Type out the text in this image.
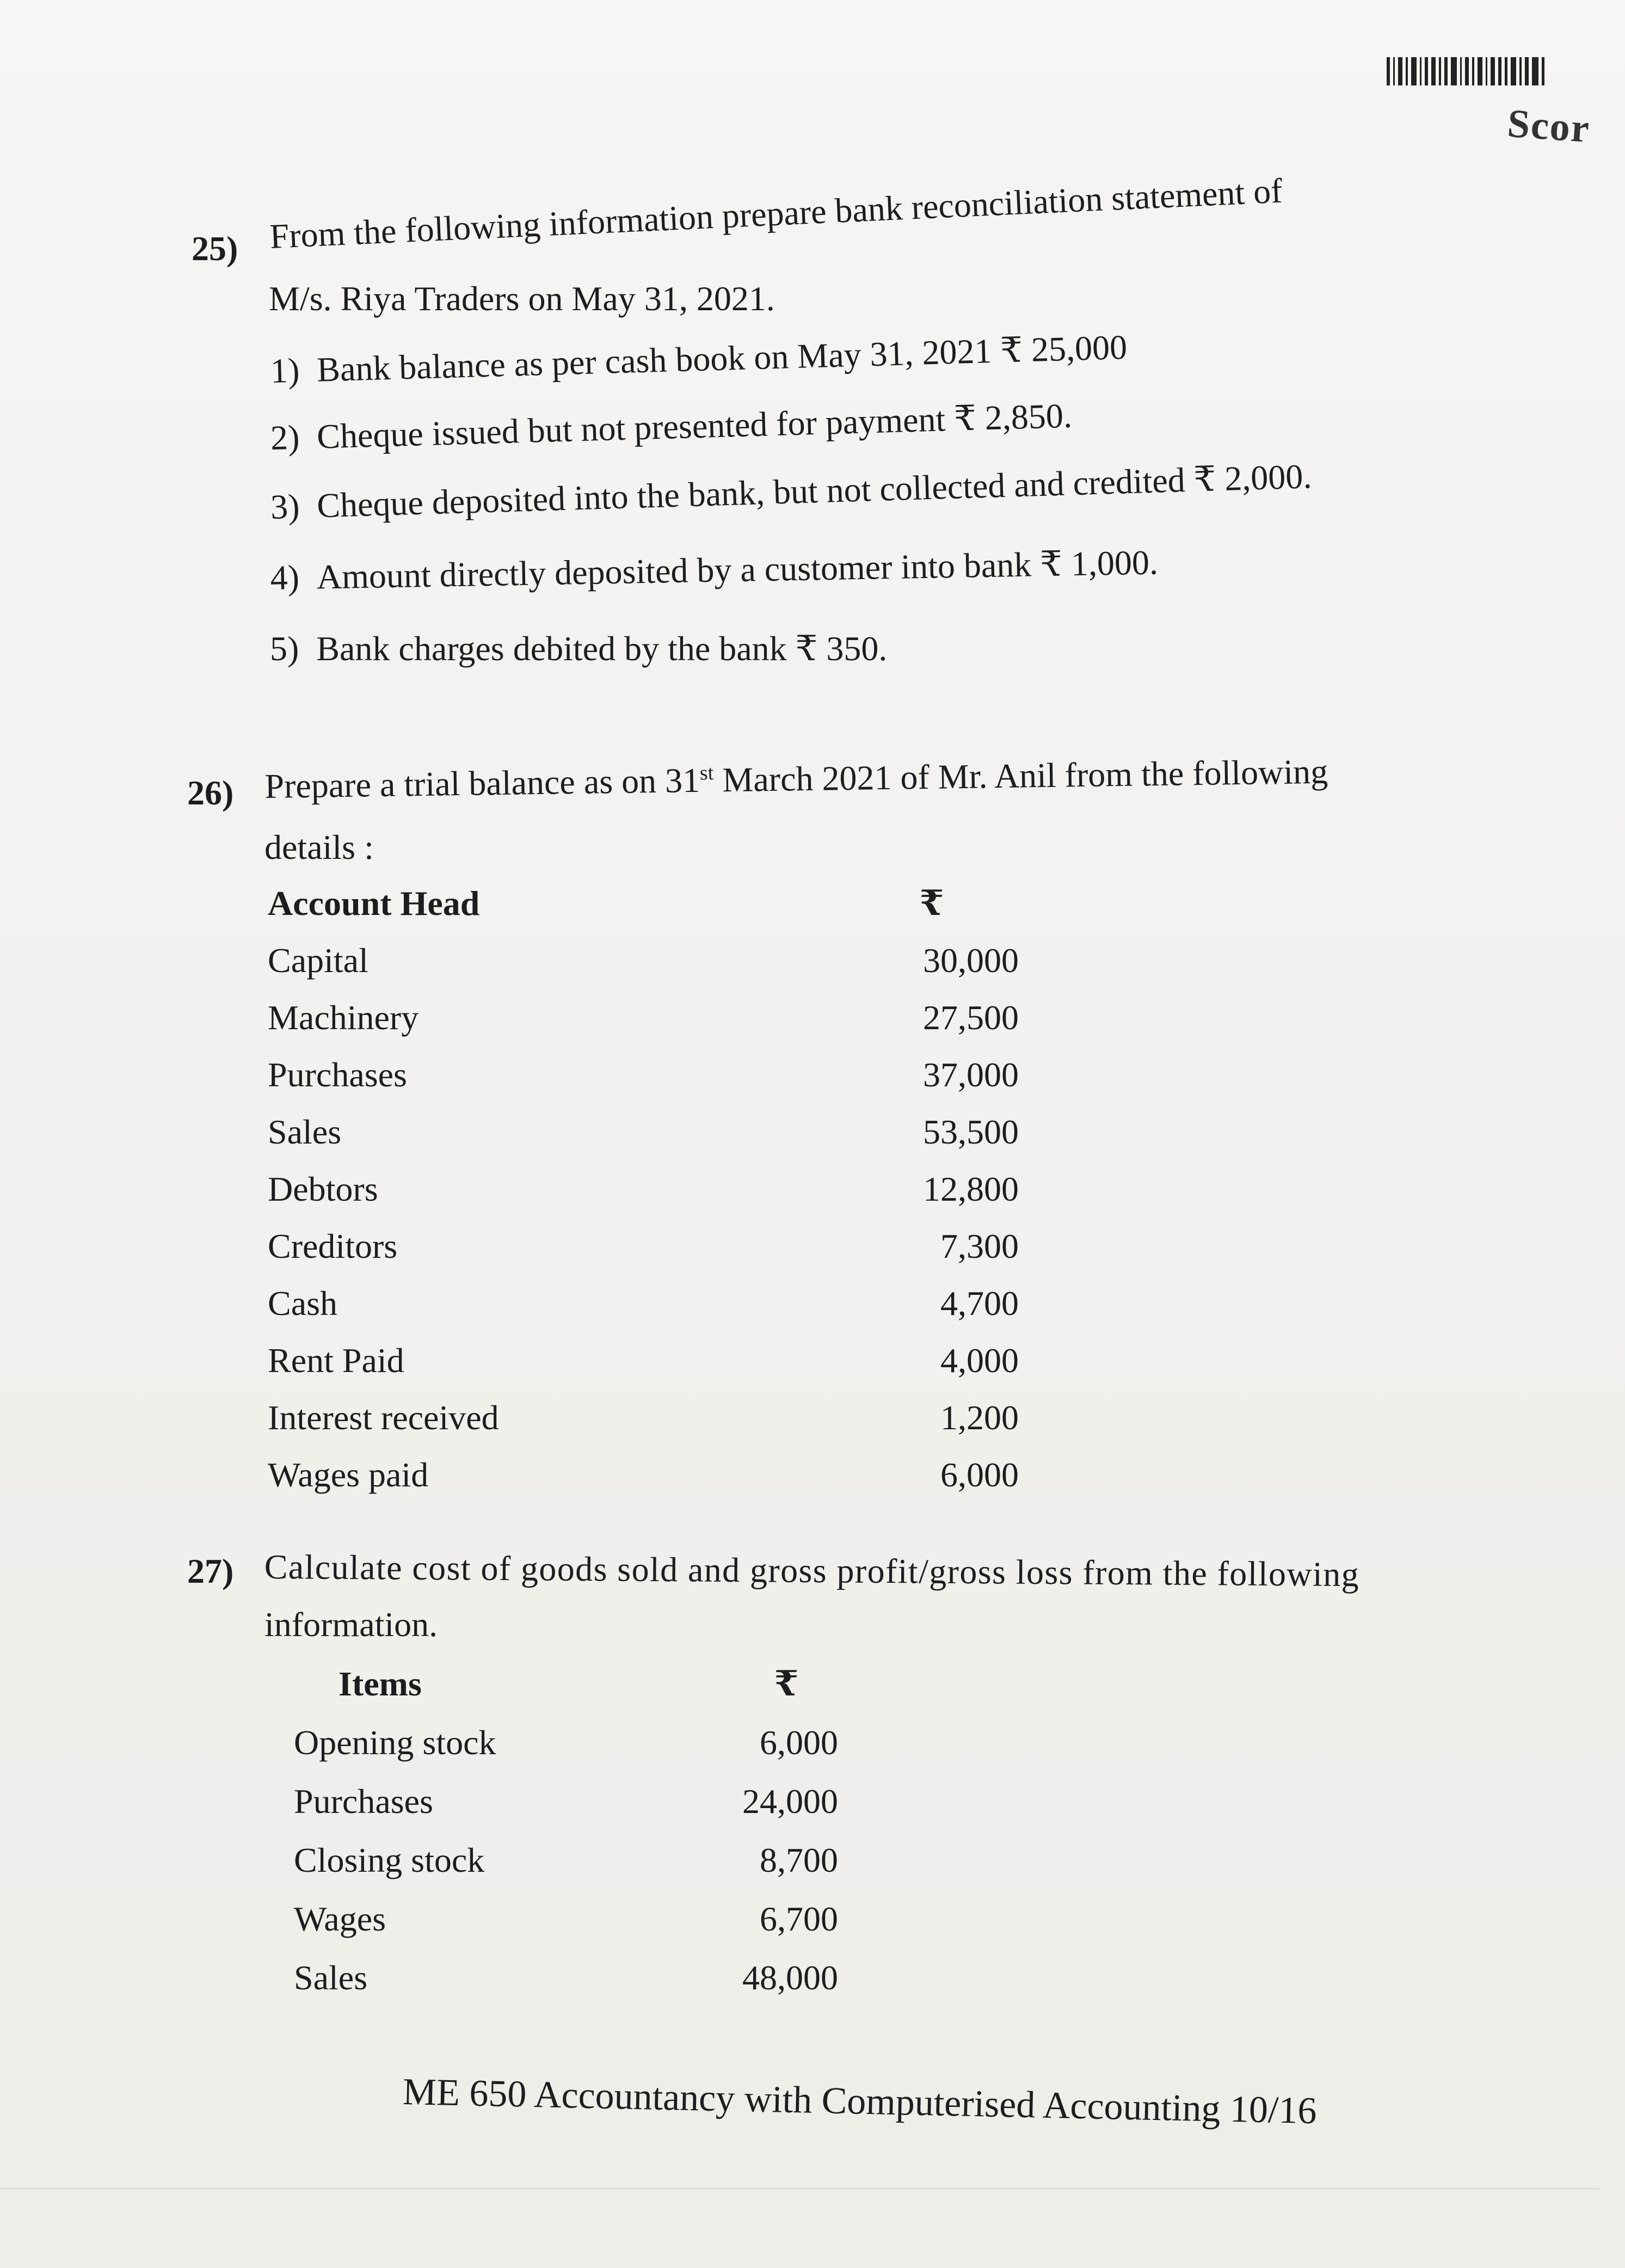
Scor
25) From the following information prepare bank reconciliation statement of
M/s. Riya Traders on May 31, 2021.
1) Bank balance as per cash book on May 31, 2021 ₹ 25,000
2) Cheque issued but not presented for payment ₹ 2,850.
3) Cheque deposited into the bank, but not collected and credited ₹ 2,000.
4) Amount directly deposited by a customer into bank ₹ 1,000.
5) Bank charges debited by the bank ₹ 350.
26) Prepare a trial balance as on 31st March 2021 of Mr. Anil from the following
details :
Account Head	₹
Capital	30,000
Machinery	27,500
Purchases	37,000
Sales	53,500
Debtors	12,800
Creditors	7,300
Cash	4,700
Rent Paid	4,000
Interest received	1,200
Wages paid	6,000
27) Calculate cost of goods sold and gross profit/gross loss from the following
information.
Items	₹
Opening stock	6,000
Purchases	24,000
Closing stock	8,700
Wages	6,700
Sales	48,000
ME 650 Accountancy with Computerised Accounting 10/16
